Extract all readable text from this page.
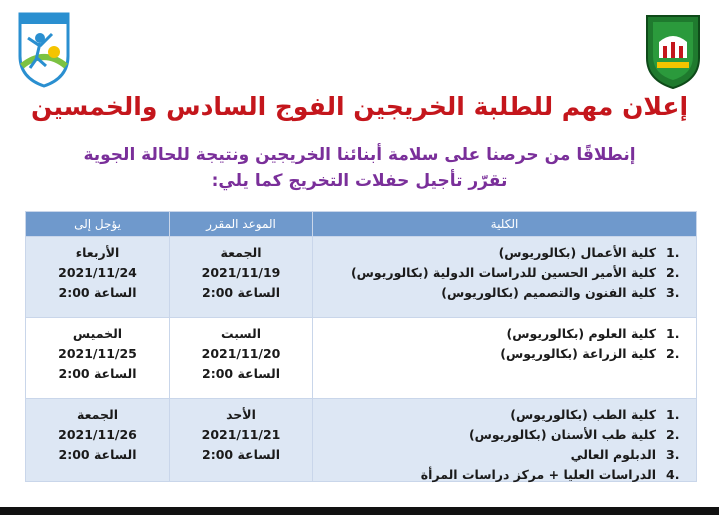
إعلان مهم للطلبة الخريجين الفوج السادس والخمسين
إنطلاقًا من حرصنا على سلامة أبنائنا الخريجين ونتيجة للحالة الجوية
تقرّر تأجيل حفلات التخريج كما يلي:
الكلية
الموعد المقرر
يؤجل إلى
1.
كلية الأعمال (بكالوريوس)
2.
كلية الأمير الحسين للدراسات الدولية (بكالوريوس)
3.
كلية الفنون والتصميم (بكالوريوس)
الجمعة
2021/11/19
الساعة 2:00
الأربعاء
2021/11/24
الساعة 2:00
1.
كلية العلوم (بكالوريوس)
2.
كلية الزراعة (بكالوريوس)
السبت
2021/11/20
الساعة 2:00
الخميس
2021/11/25
الساعة 2:00
1.
كلية الطب (بكالوريوس)
2.
كلية طب الأسنان (بكالوريوس)
3.
الدبلوم العالي
4.
الدراسات العليا + مركز دراسات المرأة
الأحد
2021/11/21
الساعة 2:00
الجمعة
2021/11/26
الساعة 2:00
